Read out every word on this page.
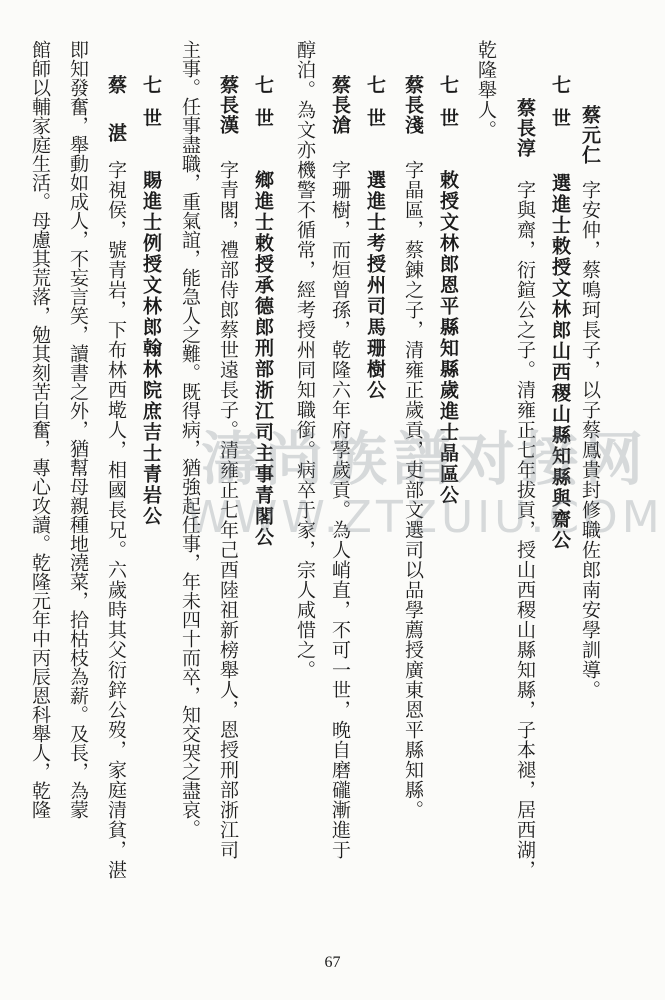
乾隆舉人。	蔡元仁
字安仲，蔡鳴珂長子，以子蔡鳳貴封修職佐郎南安學訓導。
七世
選進士敕授文林郎山西稷山縣知縣與齋公
蔡長淳
字與齋，衍鍹公之子。清雍正七年拔貢，授山西稷山縣知縣，子本褪，居西湖，
七世
敕授文林郎恩平縣知縣歲進士晶區公
蔡長淺
字晶區，蔡錬之子，清雍正歲貢，吏部文選司以品學薦授廣東恩平縣知縣。
七世
選進士考授州司馬珊樹公
蔡長滄
字珊樹，而烜曾孫，乾隆六年府學歲貢。為人峭直，不可一世，晚自磨礲漸進于
醇泊。為文亦機警不循常，經考授州同知職銜。病卒于家，宗人咸惜之。
七世
鄉進士敕授承德郎刑部浙江司主事青閣公
蔡長漢
字青閣，禮部侍郎蔡世遠長子。清雍正七年己酉陸祖新榜舉人，恩授刑部浙江司
主事。任事盡職，重氣誼，能急人之難。既得病，猶強起任事，年未四十而卒，知交哭之盡哀。
七世
賜進士例授文林郎翰林院庶吉士青岩公
蔡
湛
字視侯，號青岩，下布林西墘人，相國長兄。六歲時其父衍鋅公歿，家庭清貧，湛
即知發奮，舉動如成人，不妄言笑，讀書之外，猶幫母親種地澆菜，拾枯枝為薪。及長，為蒙
館師以輔家庭生活。母慮其荒落，勉其刻苦自奮，專心攻讀。乾隆元年中丙辰恩科舉人，乾隆	濤尚族譜对接网
WWW.ZTZUIU.COM
67
